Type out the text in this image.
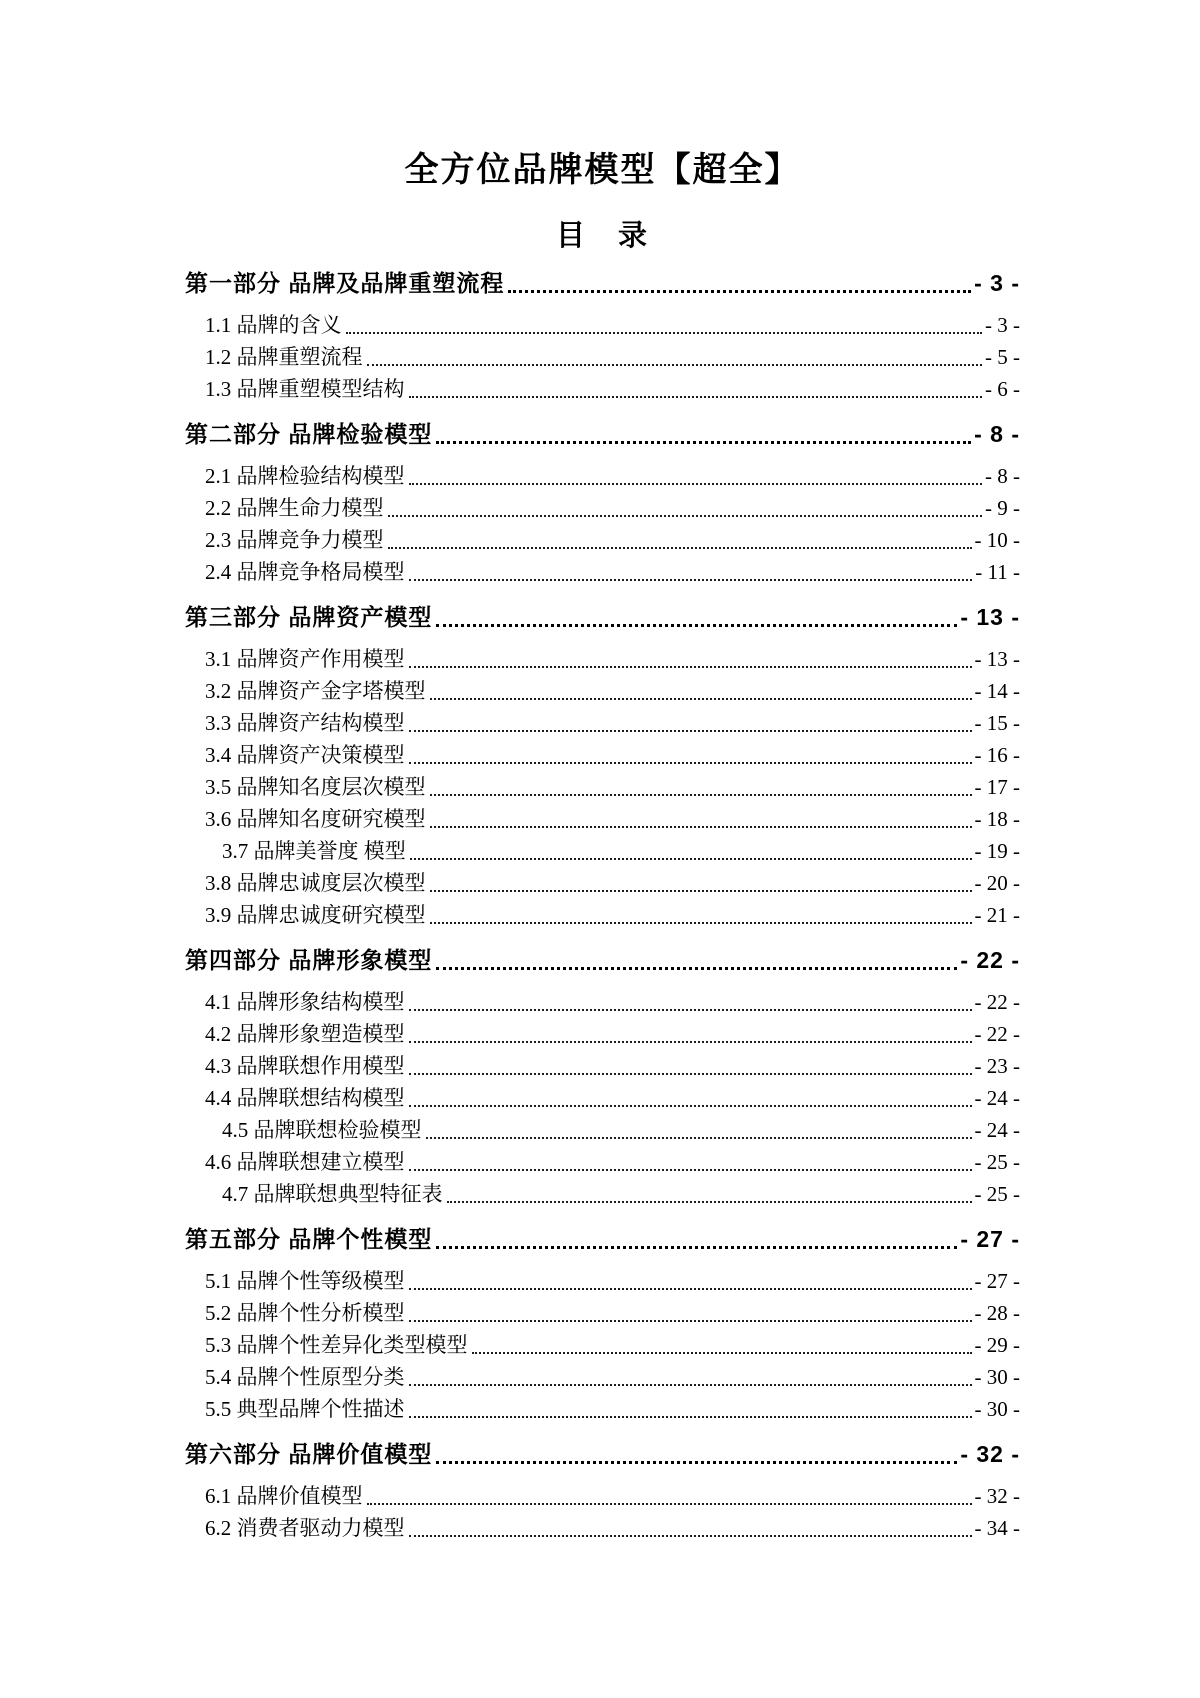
全方位品牌模型【超全】
目　录
第一部分 品牌及品牌重塑流程	- 3 -
1.1 品牌的含义	- 3 -
1.2 品牌重塑流程	- 5 -
1.3 品牌重塑模型结构	- 6 -
第二部分 品牌检验模型	- 8 -
2.1 品牌检验结构模型	- 8 -
2.2 品牌生命力模型	- 9 -
2.3 品牌竞争力模型	- 10 -
2.4 品牌竞争格局模型	- 11 -
第三部分 品牌资产模型	- 13 -
3.1 品牌资产作用模型	- 13 -
3.2 品牌资产金字塔模型	- 14 -
3.3 品牌资产结构模型	- 15 -
3.4 品牌资产决策模型	- 16 -
3.5 品牌知名度层次模型	- 17 -
3.6 品牌知名度研究模型	- 18 -
3.7 品牌美誉度 模型	- 19 -
3.8 品牌忠诚度层次模型	- 20 -
3.9 品牌忠诚度研究模型	- 21 -
第四部分 品牌形象模型	- 22 -
4.1 品牌形象结构模型	- 22 -
4.2 品牌形象塑造模型	- 22 -
4.3 品牌联想作用模型	- 23 -
4.4 品牌联想结构模型	- 24 -
4.5 品牌联想检验模型	- 24 -
4.6 品牌联想建立模型	- 25 -
4.7 品牌联想典型特征表	- 25 -
第五部分 品牌个性模型	- 27 -
5.1 品牌个性等级模型	- 27 -
5.2 品牌个性分析模型	- 28 -
5.3 品牌个性差异化类型模型	- 29 -
5.4 品牌个性原型分类	- 30 -
5.5 典型品牌个性描述	- 30 -
第六部分 品牌价值模型	- 32 -
6.1 品牌价值模型	- 32 -
6.2 消费者驱动力模型	- 34 -
